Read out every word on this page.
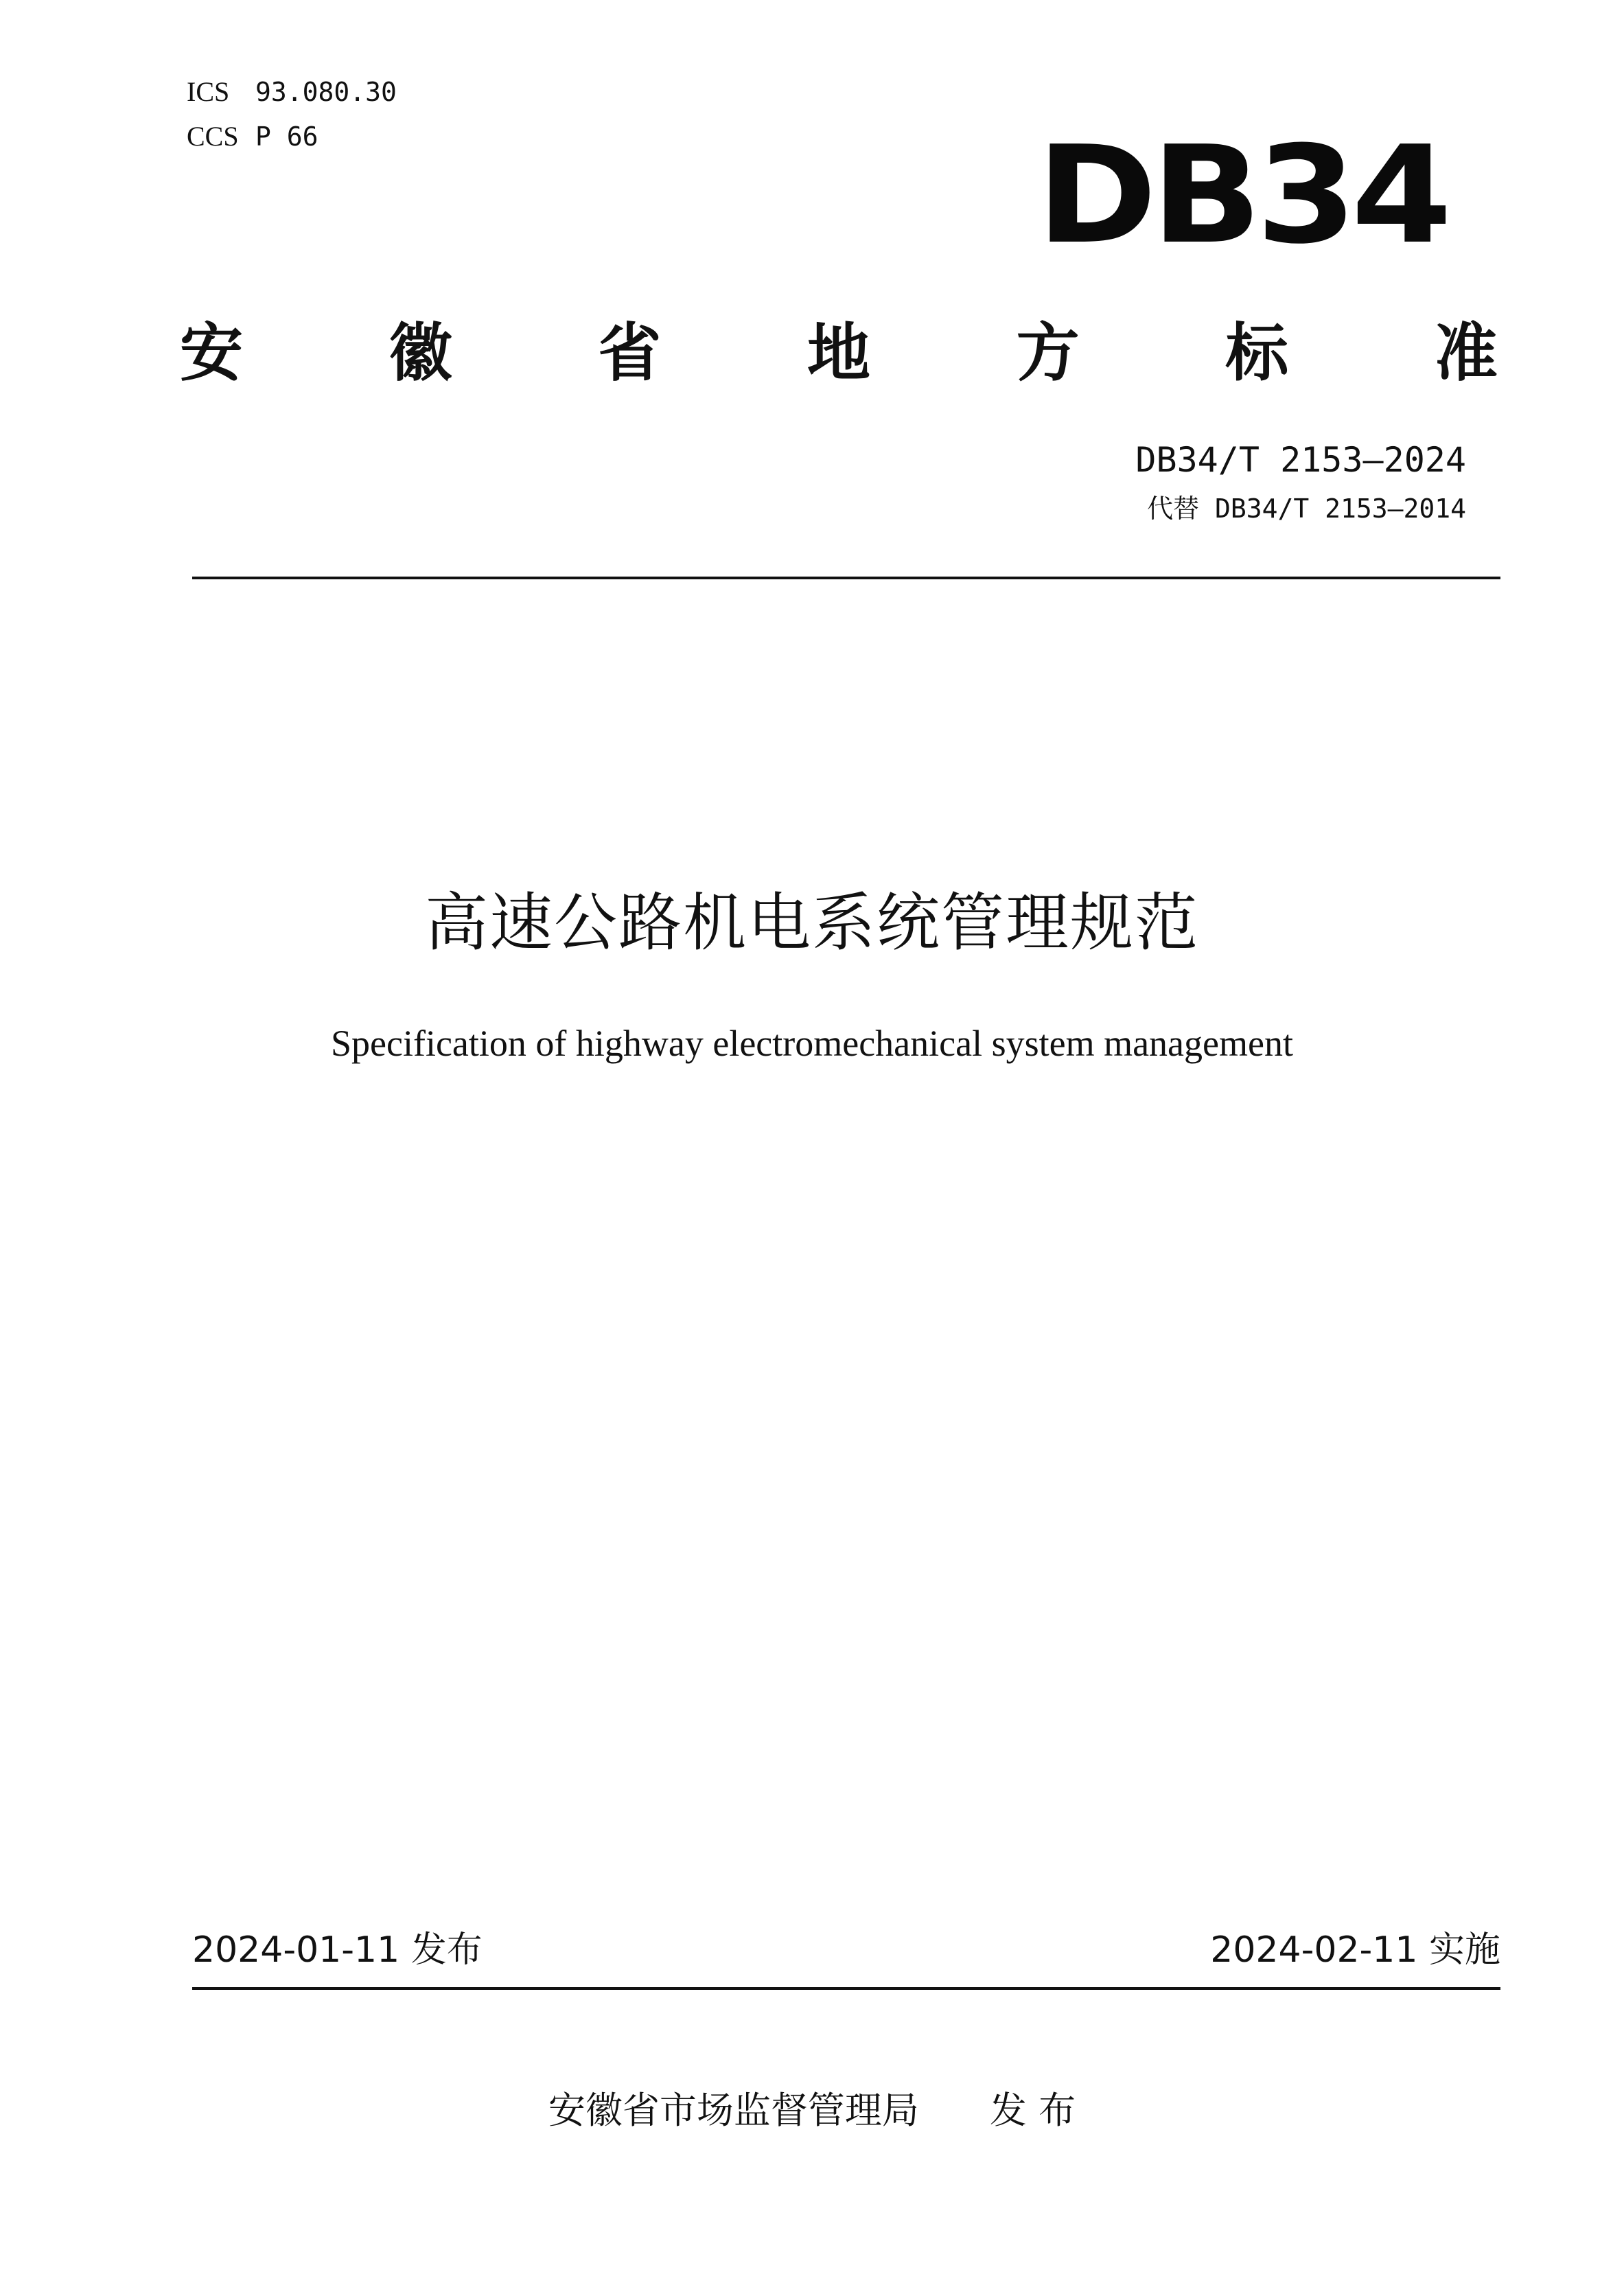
ICS 93.080.30
CCS P 66	DB34
安 徽 省 地 方 标 准
DB34/T 2153—2024
代替 DB34/T 2153—2014
高速公路机电系统管理规范
Specification of highway electromechanical system management
2024-01-11 发布	2024-02-11 实施
安徽省市场监督管理局 发 布
